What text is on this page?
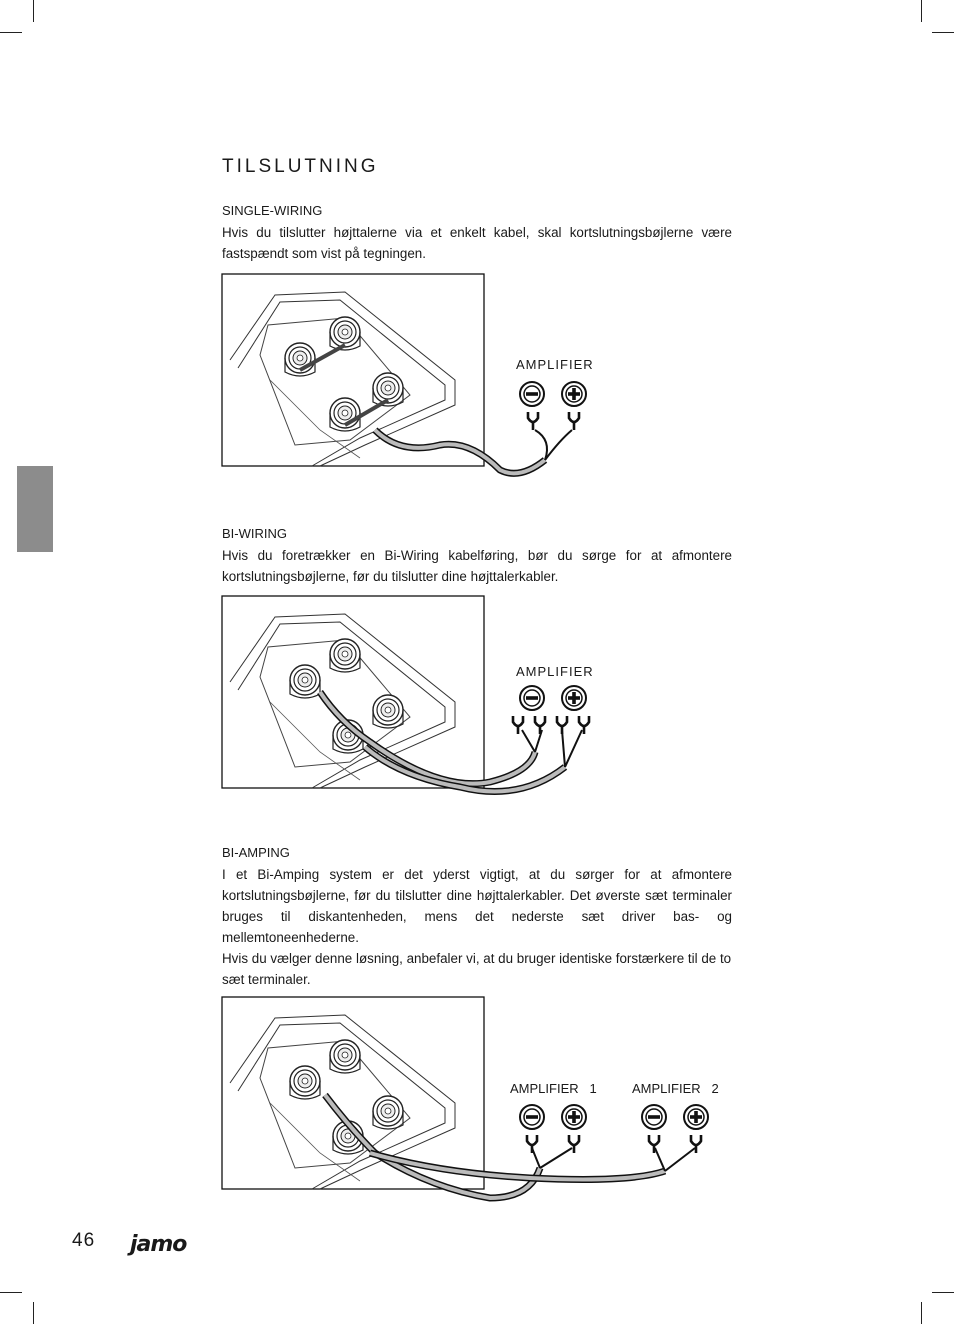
TILSLUTNING
SINGLE-WIRING

Hvis du tilslutter højttalerne via et enkelt kabel, skal kortslutningsbøjlerne være fastspændt som vist på tegningen.

AMPLIFIER
BI-WIRING

Hvis du foretrækker en Bi-Wiring kabelføring, bør du sørge for at afmontere kortslutningsbøjlerne, før du tilslutter dine højttalerkabler.

AMPLIFIER
BI-AMPING

I et Bi-Amping system er det yderst vigtigt, at du sørger for at afmontere kortslutningsbøjlerne, før du tilslutter dine højttalerkabler. Det øverste sæt terminaler bruges til diskantenheden, mens det nederste sæt driver bas- og mellemtoneenhederne.

Hvis du vælger denne løsning, anbefaler vi, at du bruger identiske forstærkere til de to sæt terminaler.

AMPLIFIER   1	AMPLIFIER   2
46 jamo
